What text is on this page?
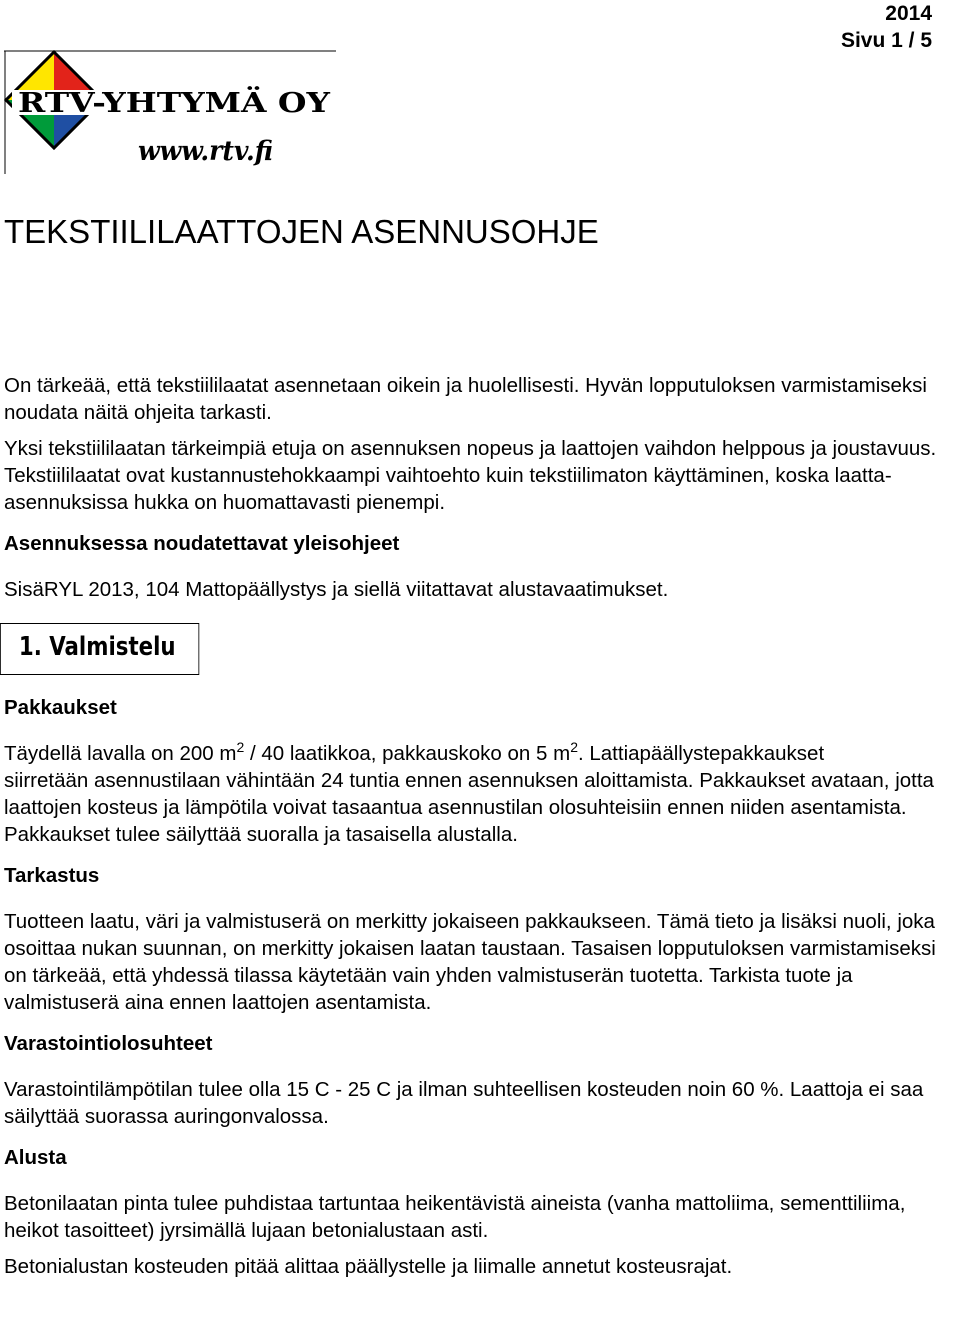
2014
Sivu 1 / 5
RTV-YHTYMÄ OY
www.rtv.fi
TEKSTIILILAATTOJEN ASENNUSOHJE

On tärkeää, että tekstiililaatat asennetaan oikein ja huolellisesti. Hyvän lopputuloksen varmistamiseksi noudata näitä ohjeita tarkasti.

Yksi tekstiililaatan tärkeimpiä etuja on asennuksen nopeus ja laattojen vaihdon helppous ja joustavuus. Tekstiililaatat ovat kustannustehokkaampi vaihtoehto kuin tekstiilimaton käyttäminen, koska laatta-asennuksissa hukka on huomattavasti pienempi.

Asennuksessa noudatettavat yleisohjeet

SisäRYL 2013, 104 Mattopäällystys ja siellä viitattavat alustavaatimukset.

1. Valmistelu

Pakkaukset

Täydellä lavalla on 200 $m^2 / 40$ laatikkoa, pakkauskoko on 5 $m^2$. Lattiapäällystepakkaukset
siirretään asennustilaan vähintään 24 tuntia ennen asennuksen aloittamista. Pakkaukset avataan, jotta laattojen kosteus ja lämpötila voivat tasaantua asennustilan olosuhteisiin ennen niiden asentamista. Pakkaukset tulee säilyttää suoralla ja tasaisella alustalla.

Tarkastus

Tuotteen laatu, väri ja valmistuserä on merkitty jokaiseen pakkaukseen. Tämä tieto ja lisäksi nuoli, joka osoittaa nukan suunnan, on merkitty jokaisen laatan taustaan. Tasaisen lopputuloksen varmistamiseksi on tärkeää, että yhdessä tilassa käytetään vain yhden valmistuserän tuotetta. Tarkista tuote ja valmistuserä aina ennen laattojen asentamista.

Varastointiolosuhteet

Varastointilämpötilan tulee olla 15 C - 25 C ja ilman suhteellisen kosteuden noin 60 %. Laattoja ei saa säilyttää suorassa auringonvalossa.

Alusta

Betonilaatan pinta tulee puhdistaa tartuntaa heikentävistä aineista (vanha mattoliima, sementtiliima, heikot tasoitteet) jyrsimällä lujaan betonialustaan asti.

Betonialustan kosteuden pitää alittaa päällystelle ja liimalle annetut kosteusrajat.
